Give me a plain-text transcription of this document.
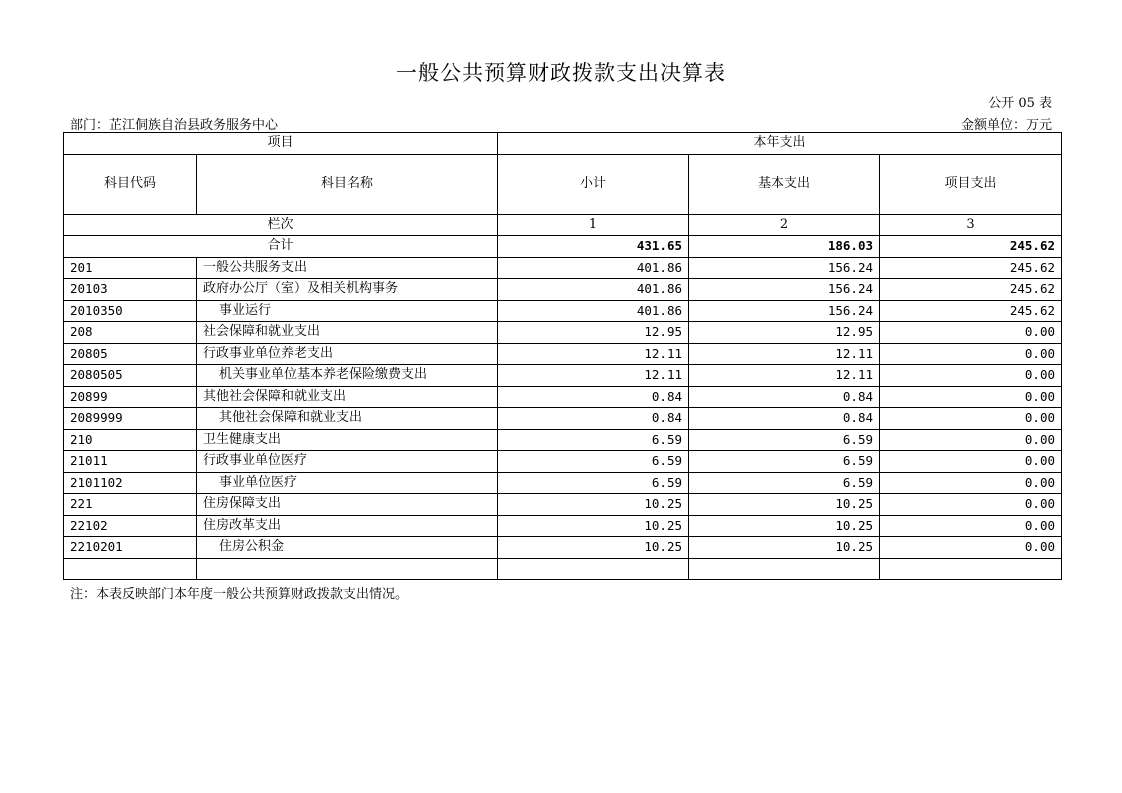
一般公共预算财政拨款支出决算表
公开 05 表
部门：芷江侗族自治县政务服务中心	金额单位：万元
项目		本年支出		
科目代码	科目名称	小计	基本支出	项目支出
栏次		1	2	3
合计		431.65	186.03	245.62
201	一般公共服务支出	401.86	156.24	245.62
20103	政府办公厅（室）及相关机构事务	401.86	156.24	245.62
2010350	事业运行	401.86	156.24	245.62
208	社会保障和就业支出	12.95	12.95	0.00
20805	行政事业单位养老支出	12.11	12.11	0.00
2080505	机关事业单位基本养老保险缴费支出	12.11	12.11	0.00
20899	其他社会保障和就业支出	0.84	0.84	0.00
2089999	其他社会保障和就业支出	0.84	0.84	0.00
210	卫生健康支出	6.59	6.59	0.00
21011	行政事业单位医疗	6.59	6.59	0.00
2101102	事业单位医疗	6.59	6.59	0.00
221	住房保障支出	10.25	10.25	0.00
22102	住房改革支出	10.25	10.25	0.00
2210201	住房公积金	10.25	10.25	0.00

注：本表反映部门本年度一般公共预算财政拨款支出情况。
